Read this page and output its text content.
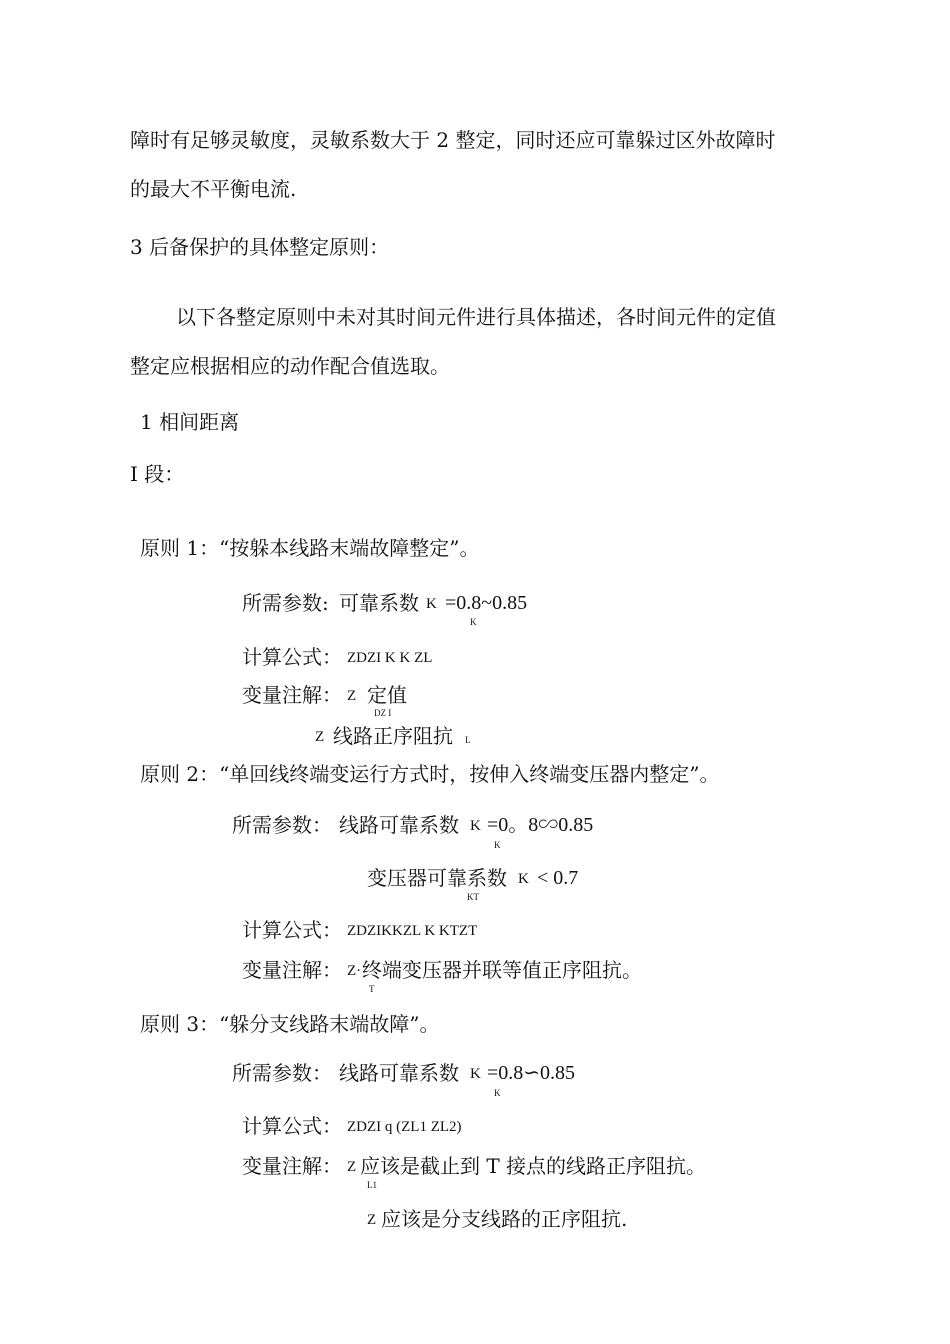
障时有足够灵敏度，灵敏系数大于 2 整定，同时还应可靠躲过区外故障时
的最大不平衡电流.
3 后备保护的具体整定原则：
以下各整定原则中未对其时间元件进行具体描述，各时间元件的定值
整定应根据相应的动作配合值选取。
1 相间距离
I 段：
原则 1：“按躲本线路末端故障整定”。
所需参数: 可靠系数 K =0.8~0.85
K
计算公式： ZDZI K K ZL
变量注解： Z 定值
DZ I
Z 线路正序阻抗 L
原则 2：“单回线终端变运行方式时，按伸入终端变压器内整定”。
所需参数： 线路可靠系数 K =0。8∽0.85
K
变压器可靠系数 K < 0.7
KT
计算公式： ZDZIKKZL K KTZT
变量注解： Z· 终端变压器并联等值正序阻抗。
T
原则 3：“躲分支线路末端故障”。
所需参数： 线路可靠系数 K =0.8∽0.85
K
计算公式： ZDZI q (ZL1 ZL2)
变量注解： Z 应该是截止到 T 接点的线路正序阻抗。
L1
Z 应该是分支线路的正序阻抗.
